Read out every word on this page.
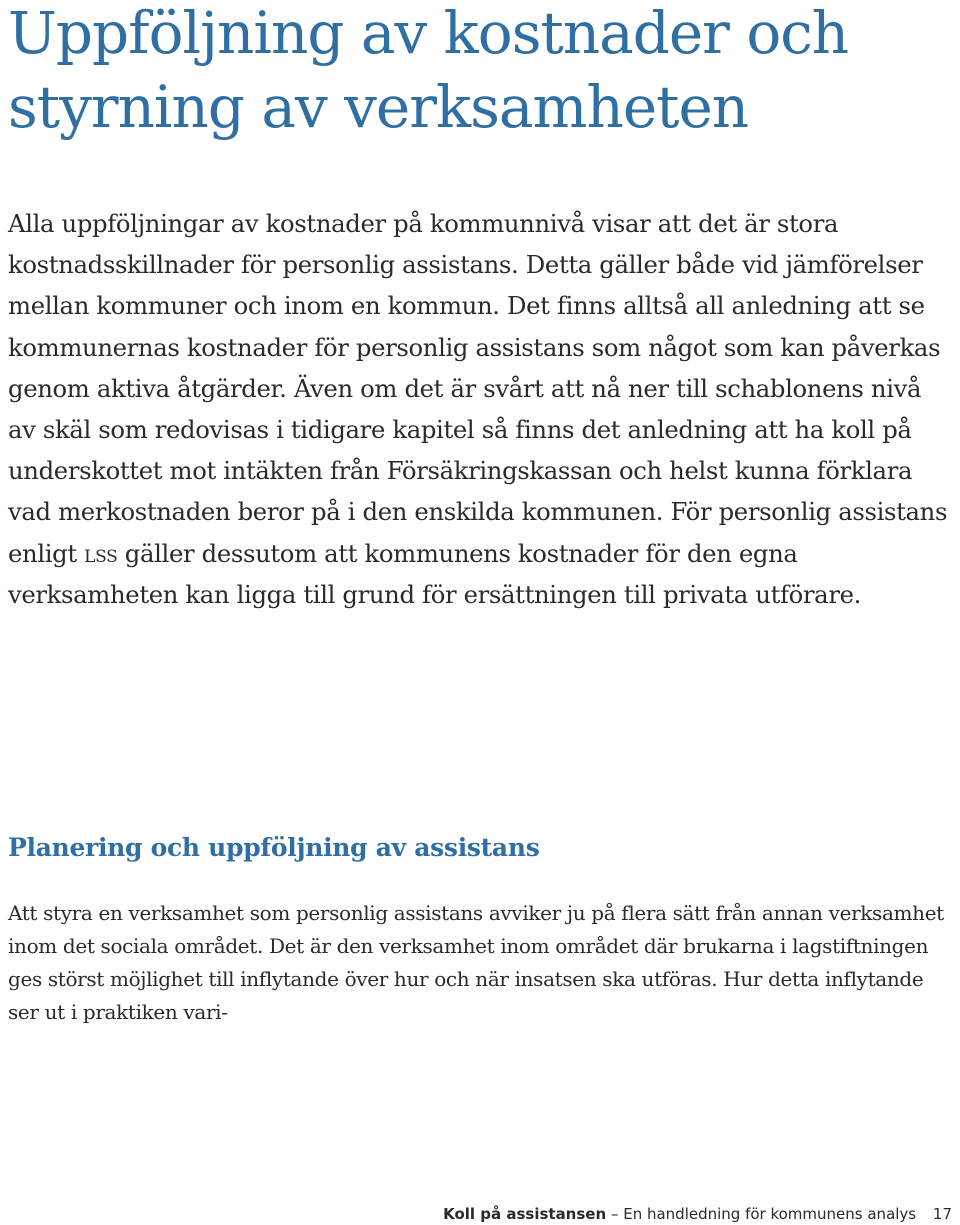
Uppföljning av kostnader och styrning av verksamheten

Alla uppföljningar av kostnader på kommunnivå visar att det är stora kostnadsskillnader för personlig assistans. Detta gäller både vid jämförelser mellan kommuner och inom en kommun. Det finns alltså all anledning att se kommunernas kostnader för personlig assistans som något som kan påverkas genom aktiva åtgärder. Även om det är svårt att nå ner till schablonens nivå av skäl som redovisas i tidigare kapitel så finns det anledning att ha koll på underskottet mot intäkten från Försäkringskassan och helst kunna förklara vad merkostnaden beror på i den enskilda kommunen. För personlig assistans enligt lss gäller dessutom att kommunens kostnader för den egna verksamheten kan ligga till grund för ersättningen till privata utförare.

Planering och uppföljning av assistans

Att styra en verksamhet som personlig assistans avviker ju på flera sätt från annan verksamhet inom det sociala området. Det är den verksamhet inom området där brukarna i lagstiftningen ges störst möjlighet till inflytande över hur och när insatsen ska utföras. Hur detta inflytande ser ut i praktiken vari-

Koll på assistansen – En handledning för kommunens analys 17
